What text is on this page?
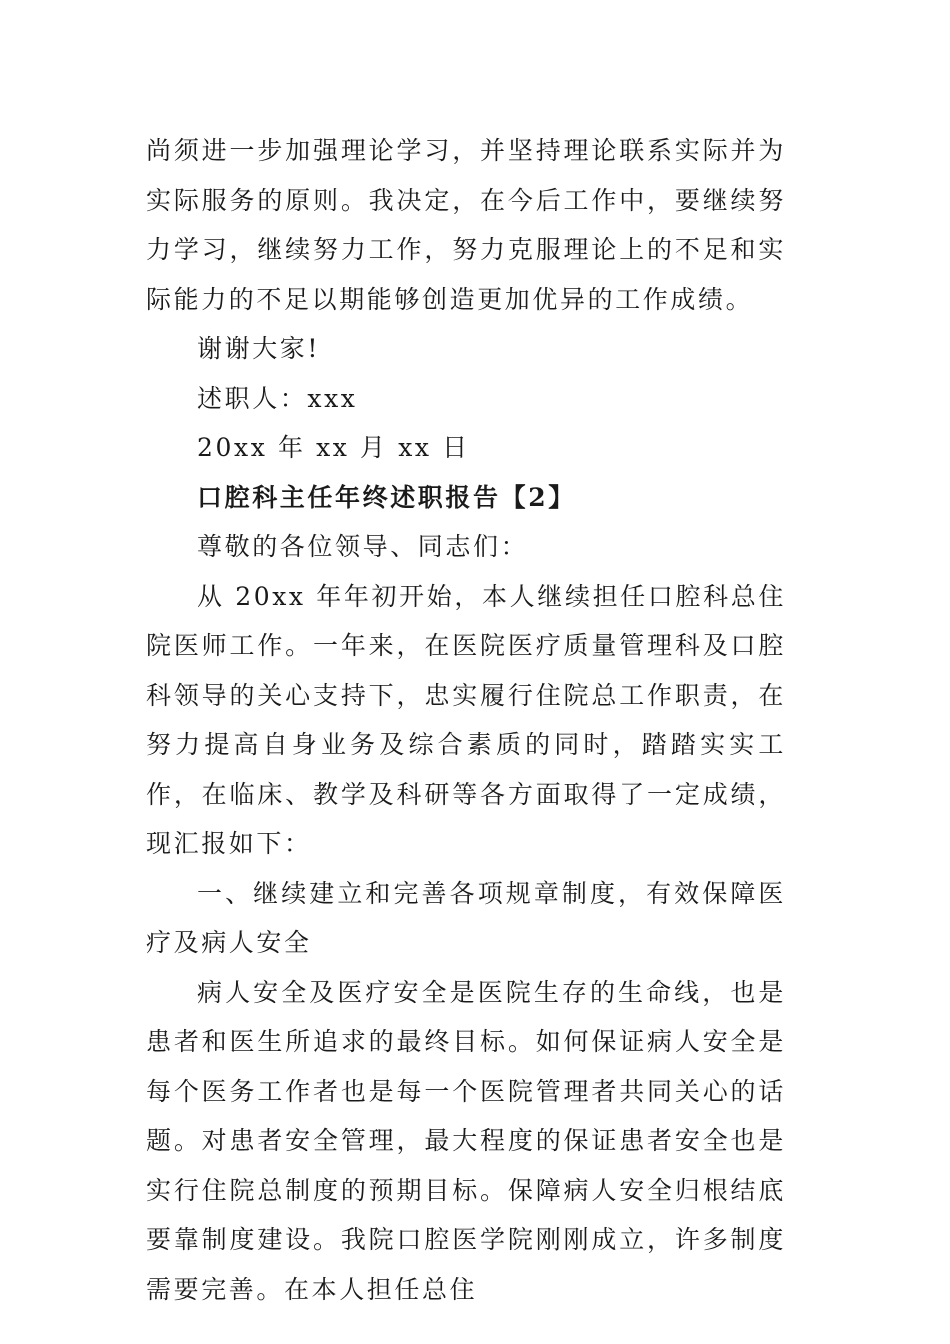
尚须进一步加强理论学习，并坚持理论联系实际并为实际服务的原则。我决定，在今后工作中，要继续努力学习，继续努力工作，努力克服理论上的不足和实际能力的不足以期能够创造更加优异的工作成绩。

谢谢大家!

述职人：xxx

20xx 年 xx 月 xx 日

口腔科主任年终述职报告【2】

尊敬的各位领导、同志们：

从 20xx 年年初开始，本人继续担任口腔科总住院医师工作。一年来，在医院医疗质量管理科及口腔科领导的关心支持下，忠实履行住院总工作职责，在努力提高自身业务及综合素质的同时，踏踏实实工作，在临床、教学及科研等各方面取得了一定成绩，现汇报如下：

一、继续建立和完善各项规章制度，有效保障医疗及病人安全

病人安全及医疗安全是医院生存的生命线，也是患者和医生所追求的最终目标。如何保证病人安全是每个医务工作者也是每一个医院管理者共同关心的话题。对患者安全管理，最大程度的保证患者安全也是实行住院总制度的预期目标。保障病人安全归根结底要靠制度建设。我院口腔医学院刚刚成立，许多制度需要完善。在本人担任总住
